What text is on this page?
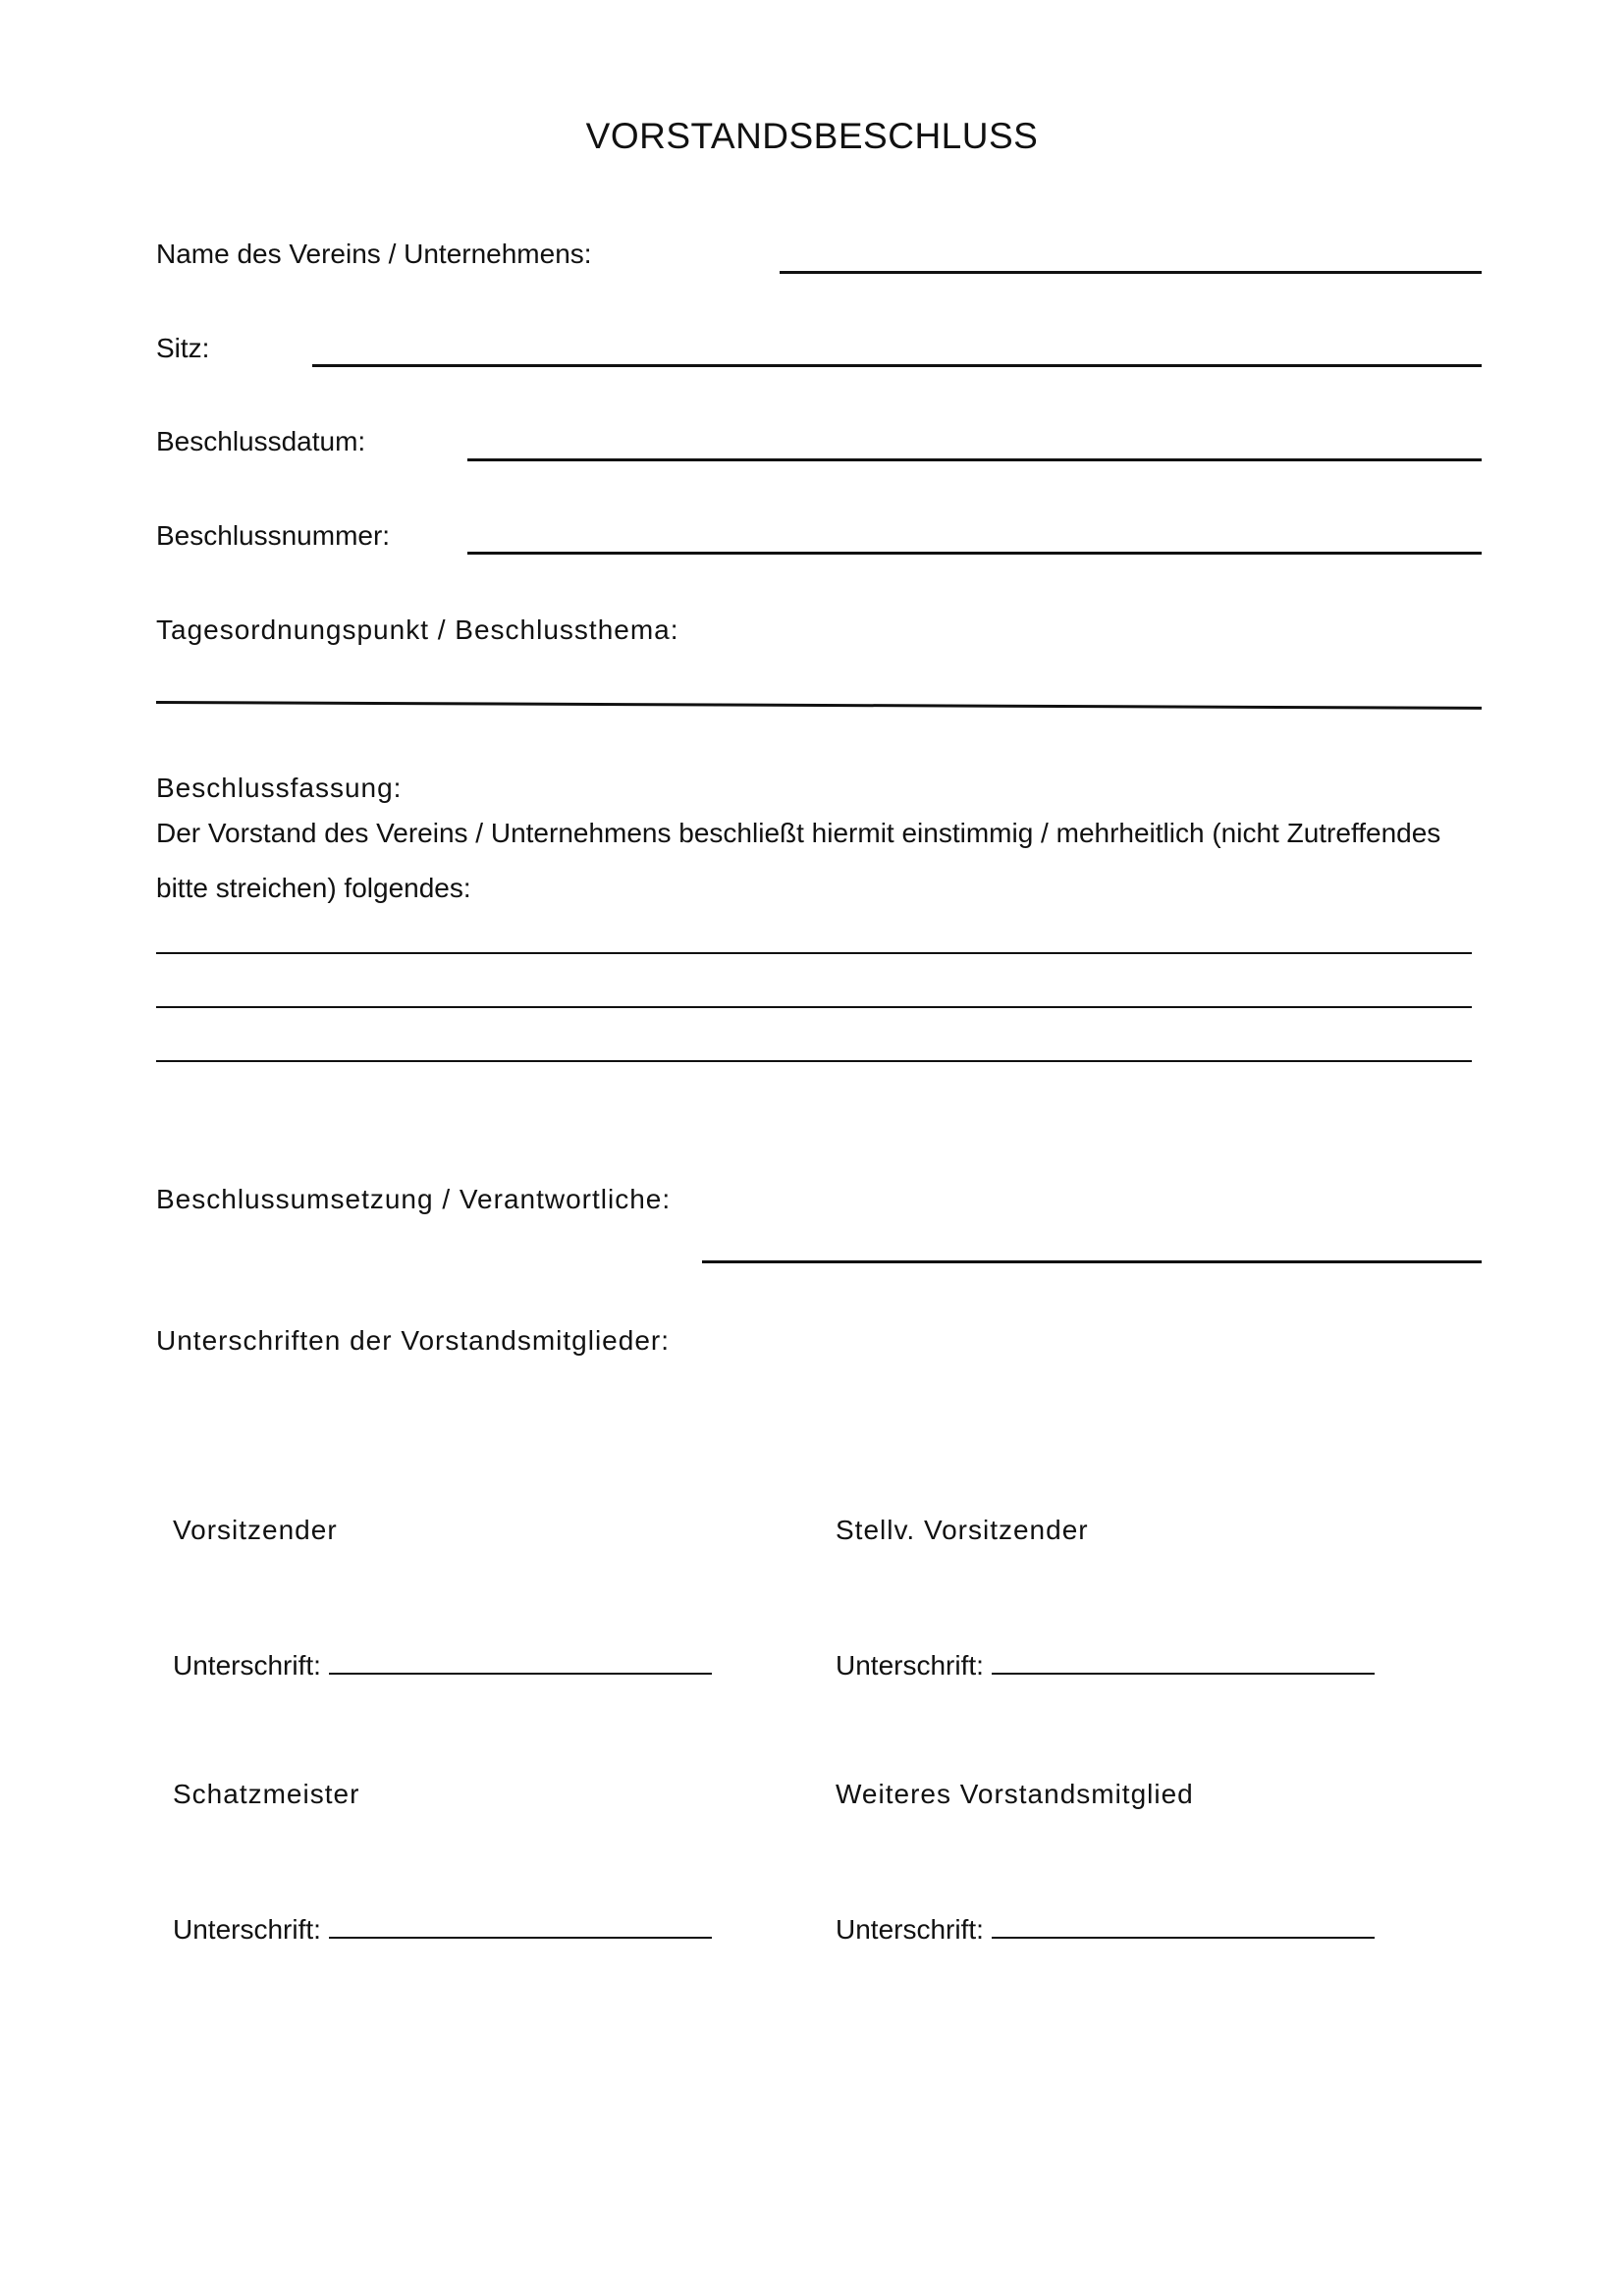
VORSTANDSBESCHLUSS
Name des Vereins / Unternehmens:
Sitz:
Beschlussdatum:
Beschlussnummer:
Tagesordnungspunkt / Beschlussthema:
Beschlussfassung:
Der Vorstand des Vereins / Unternehmens beschließt hiermit einstimmig / mehrheitlich (nicht Zutreffendes
bitte streichen) folgendes:
Beschlussumsetzung / Verantwortliche:
Unterschriften der Vorstandsmitglieder:
Vorsitzender
Unterschrift:
Stellv. Vorsitzender
Unterschrift:
Schatzmeister
Unterschrift:
Weiteres Vorstandsmitglied
Unterschrift:
